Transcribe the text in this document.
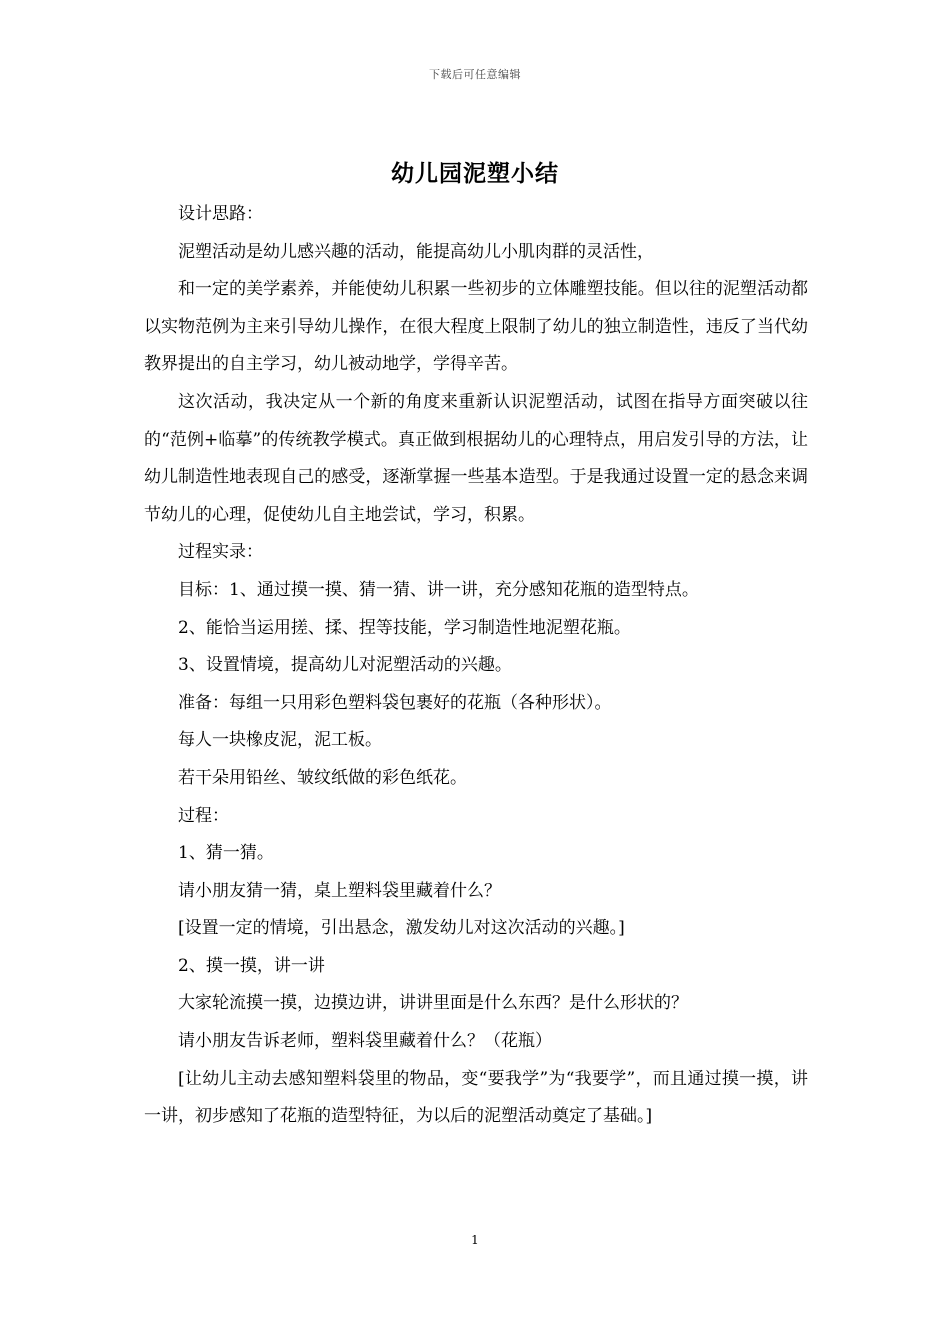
下载后可任意编辑
幼儿园泥塑小结

设计思路：

泥塑活动是幼儿感兴趣的活动，能提高幼儿小肌肉群的灵活性，

和一定的美学素养，并能使幼儿积累一些初步的立体雕塑技能。但以往的泥塑活动都以实物范例为主来引导幼儿操作，在很大程度上限制了幼儿的独立制造性，违反了当代幼教界提出的自主学习，幼儿被动地学，学得辛苦。

这次活动，我决定从一个新的角度来重新认识泥塑活动，试图在指导方面突破以往的“范例+临摹”的传统教学模式。真正做到根据幼儿的心理特点，用启发引导的方法，让幼儿制造性地表现自己的感受，逐渐掌握一些基本造型。于是我通过设置一定的悬念来调节幼儿的心理，促使幼儿自主地尝试，学习，积累。

过程实录：

目标：1、通过摸一摸、猜一猜、讲一讲，充分感知花瓶的造型特点。

2、能恰当运用搓、揉、捏等技能，学习制造性地泥塑花瓶。

3、设置情境，提高幼儿对泥塑活动的兴趣。

准备：每组一只用彩色塑料袋包裹好的花瓶（各种形状）。

每人一块橡皮泥，泥工板。

若干朵用铅丝、皱纹纸做的彩色纸花。

过程：

1、猜一猜。

请小朋友猜一猜，桌上塑料袋里藏着什么？

[设置一定的情境，引出悬念，激发幼儿对这次活动的兴趣。]

2、摸一摸，讲一讲

大家轮流摸一摸，边摸边讲，讲讲里面是什么东西？是什么形状的？

请小朋友告诉老师，塑料袋里藏着什么？（花瓶）

[让幼儿主动去感知塑料袋里的物品，变“要我学”为“我要学”，而且通过摸一摸，讲一讲，初步感知了花瓶的造型特征，为以后的泥塑活动奠定了基础。]

1
